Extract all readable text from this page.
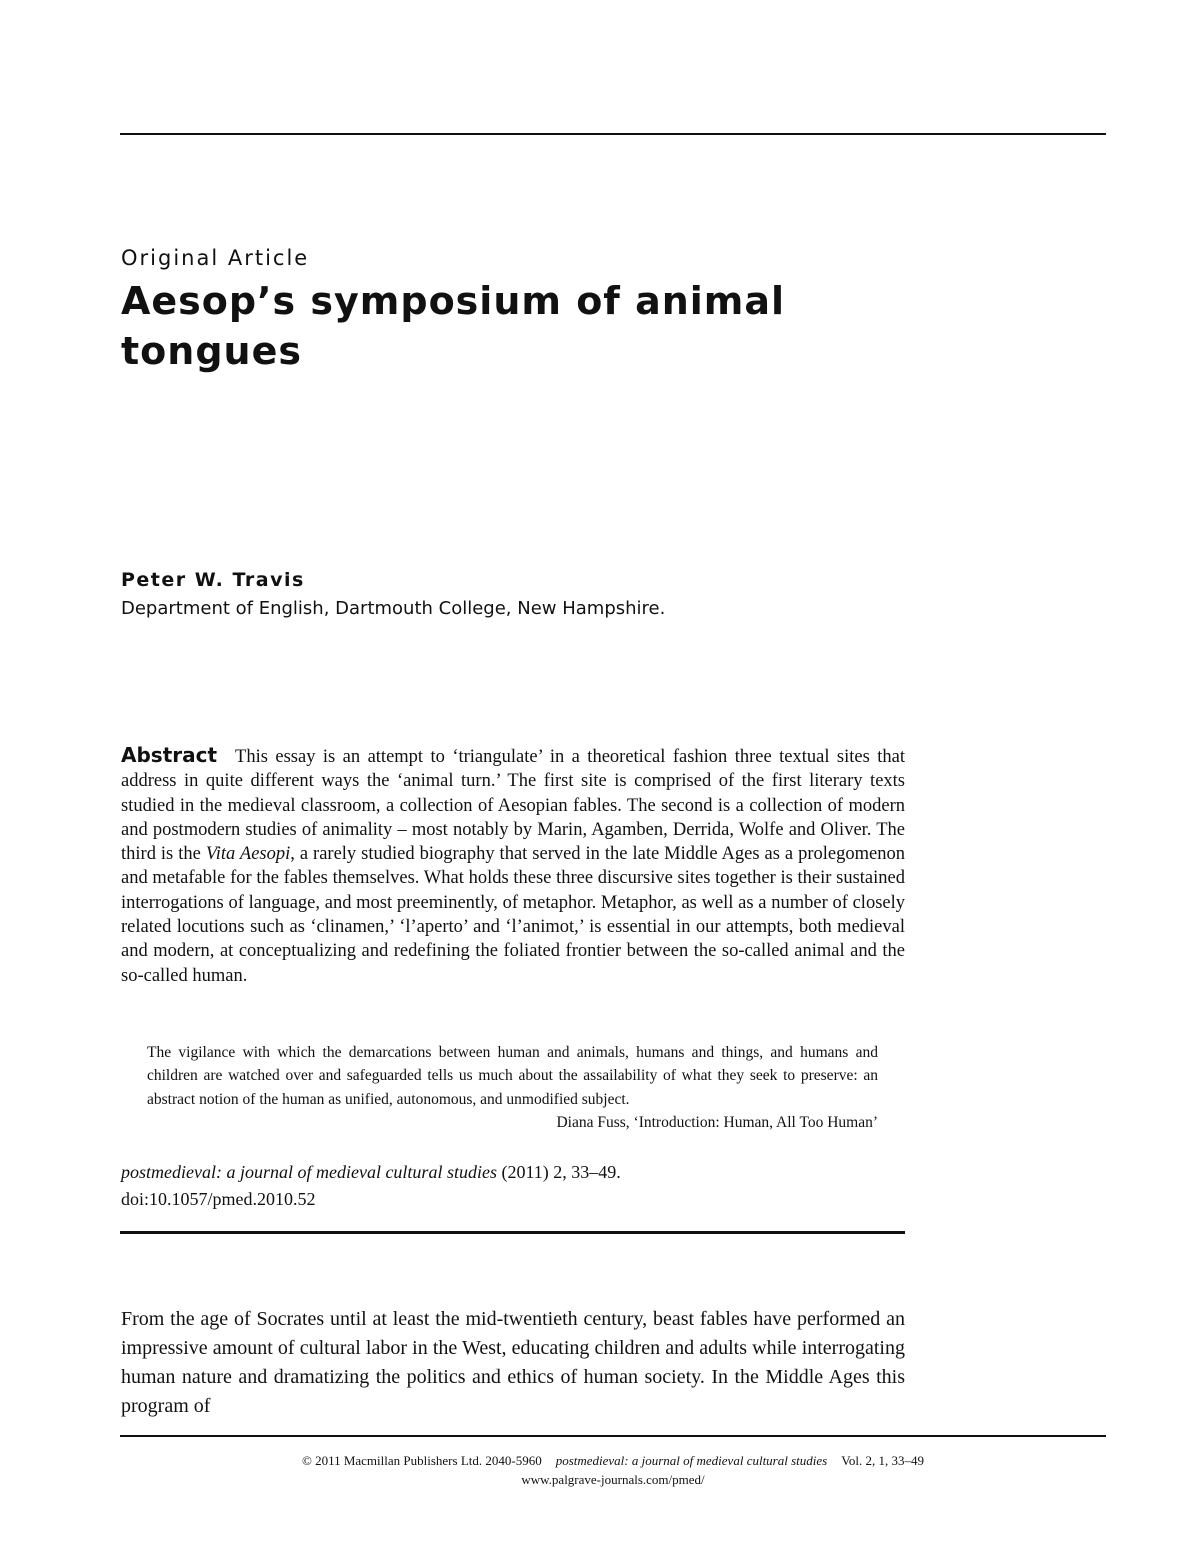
Original Article
Aesop’s symposium of animal tongues
Peter W. Travis
Department of English, Dartmouth College, New Hampshire.

Abstract This essay is an attempt to ‘triangulate’ in a theoretical fashion three textual sites that address in quite different ways the ‘animal turn.’ The first site is comprised of the first literary texts studied in the medieval classroom, a collection of Aesopian fables. The second is a collection of modern and postmodern studies of animality – most notably by Marin, Agamben, Derrida, Wolfe and Oliver. The third is the Vita Aesopi, a rarely studied biography that served in the late Middle Ages as a prolegomenon and metafable for the fables themselves. What holds these three discursive sites together is their sustained interrogations of language, and most preeminently, of metaphor. Metaphor, as well as a number of closely related locutions such as ‘clinamen,’ ‘l’aperto’ and ‘l’animot,’ is essential in our attempts, both medieval and modern, at conceptualizing and redefining the foliated frontier between the so-called animal and the so-called human.

The vigilance with which the demarcations between human and animals, humans and things, and humans and children are watched over and safeguarded tells us much about the assailability of what they seek to preserve: an abstract notion of the human as unified, autonomous, and unmodified subject.
Diana Fuss, ‘Introduction: Human, All Too Human’

postmedieval: a journal of medieval cultural studies (2011) 2, 33–49.
doi:10.1057/pmed.2010.52

From the age of Socrates until at least the mid-twentieth century, beast fables have performed an impressive amount of cultural labor in the West, educating children and adults while interrogating human nature and dramatizing the politics and ethics of human society. In the Middle Ages this program of

© 2011 Macmillan Publishers Ltd. 2040-5960 postmedieval: a journal of medieval cultural studies Vol. 2, 1, 33–49
www.palgrave-journals.com/pmed/
